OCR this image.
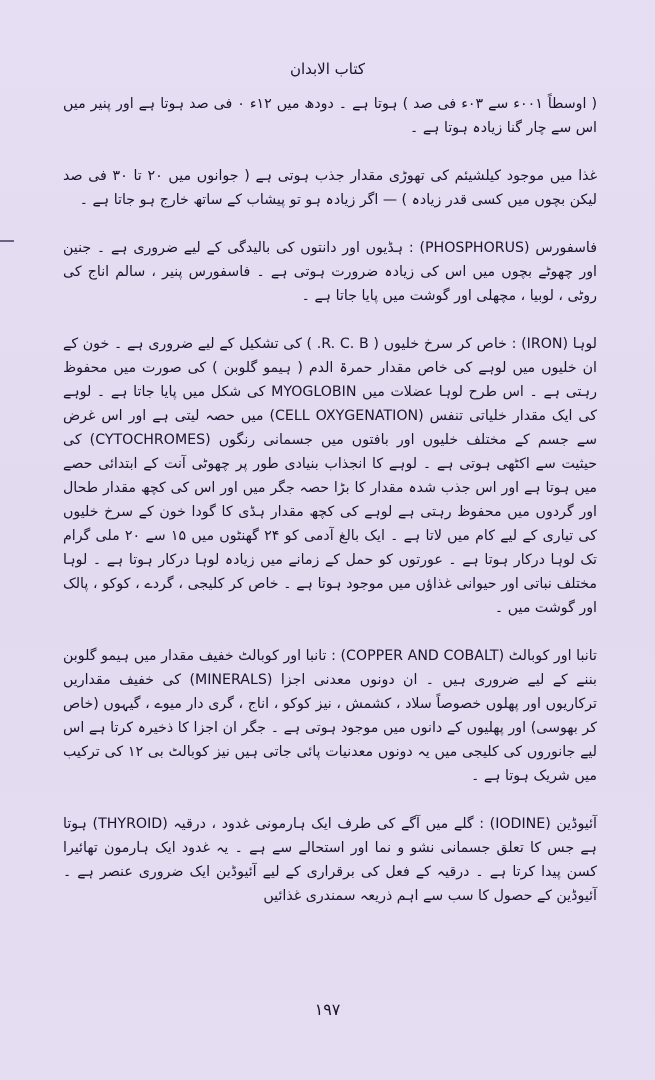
کتاب الابدان

( اوسطاً ۰۰۱ء سے ۰۳ء فی صد ) ہوتا ہے ۔ دودھ میں ۱۲ء ۰ فی صد ہوتا ہے اور پنیر میں اس سے چار گنا زیادہ ہوتا ہے ۔

غذا میں موجود کیلشیئم کی تھوڑی مقدار جذب ہوتی ہے ( جوانوں میں ۲۰ تا ۳۰ فی صد لیکن بچوں میں کسی قدر زیادہ ) — اگر زیادہ ہو تو پیشاب کے ساتھ خارج ہو جاتا ہے ۔

فاسفورس (PHOSPHORUS) : ہڈیوں اور دانتوں کی بالیدگی کے لیے ضروری ہے ۔ جنین اور چھوٹے بچوں میں اس کی زیادہ ضرورت ہوتی ہے ۔ فاسفورس پنیر ، سالم اناج کی روٹی ، لوبیا ، مچھلی اور گوشت میں پایا جاتا ہے ۔

لوہا (IRON) : خاص کر سرخ خلیوں ( R. C. B. ) کی تشکیل کے لیے ضروری ہے ۔ خون کے ان خلیوں میں لوہے کی خاص مقدار حمرۃ الدم ( ہیمو گلوبن ) کی صورت میں محفوظ رہتی ہے ۔ اس طرح لوہا عضلات میں MYOGLOBIN کی شکل میں پایا جاتا ہے ۔ لوہے کی ایک مقدار خلیاتی تنفس (CELL OXYGENATION) میں حصہ لیتی ہے اور اس غرض سے جسم کے مختلف خلیوں اور بافتوں میں جسمانی رنگوں (CYTOCHROMES) کی حیثیت سے اکٹھی ہوتی ہے ۔ لوہے کا انجذاب بنیادی طور پر چھوٹی آنت کے ابتدائی حصے میں ہوتا ہے اور اس جذب شدہ مقدار کا بڑا حصہ جگر میں اور اس کی کچھ مقدار طحال اور گردوں میں محفوظ رہتی ہے لوہے کی کچھ مقدار ہڈی کا گودا خون کے سرخ خلیوں کی تیاری کے لیے کام میں لاتا ہے ۔ ایک بالغ آدمی کو ۲۴ گھنٹوں میں ۱۵ سے ۲۰ ملی گرام تک لوہا درکار ہوتا ہے ۔ عورتوں کو حمل کے زمانے میں زیادہ لوہا درکار ہوتا ہے ۔ لوہا مختلف نباتی اور حیوانی غذاؤں میں موجود ہوتا ہے ۔ خاص کر کلیجی ، گردے ، کوکو ، پالک اور گوشت میں ۔

تانبا اور کوبالٹ (COPPER AND COBALT) : تانبا اور کوبالٹ خفیف مقدار میں ہیمو گلوبن بننے کے لیے ضروری ہیں ۔ ان دونوں معدنی اجزا (MINERALS) کی خفیف مقداریں ترکاریوں اور پھلوں خصوصاً سلاد ، کشمش ، نیز کوکو ، اناج ، گری دار میوے ، گیہوں (خاص کر بھوسی) اور پھلیوں کے دانوں میں موجود ہوتی ہے ۔ جگر ان اجزا کا ذخیرہ کرتا ہے اس لیے جانوروں کی کلیجی میں یہ دونوں معدنیات پائی جاتی ہیں نیز کوبالٹ بی ۱۲ کی ترکیب میں شریک ہوتا ہے ۔

آئیوڈین (IODINE) : گلے میں آگے کی طرف ایک ہارمونی غدود ، درقیہ (THYROID) ہوتا ہے جس کا تعلق جسمانی نشو و نما اور استحالے سے ہے ۔ یہ غدود ایک ہارمون تھائیرا کسن پیدا کرتا ہے ۔ درقیہ کے فعل کی برقراری کے لیے آئیوڈین ایک ضروری عنصر ہے ۔ آئیوڈین کے حصول کا سب سے اہم ذریعہ سمندری غذائیں

۱۹۷
